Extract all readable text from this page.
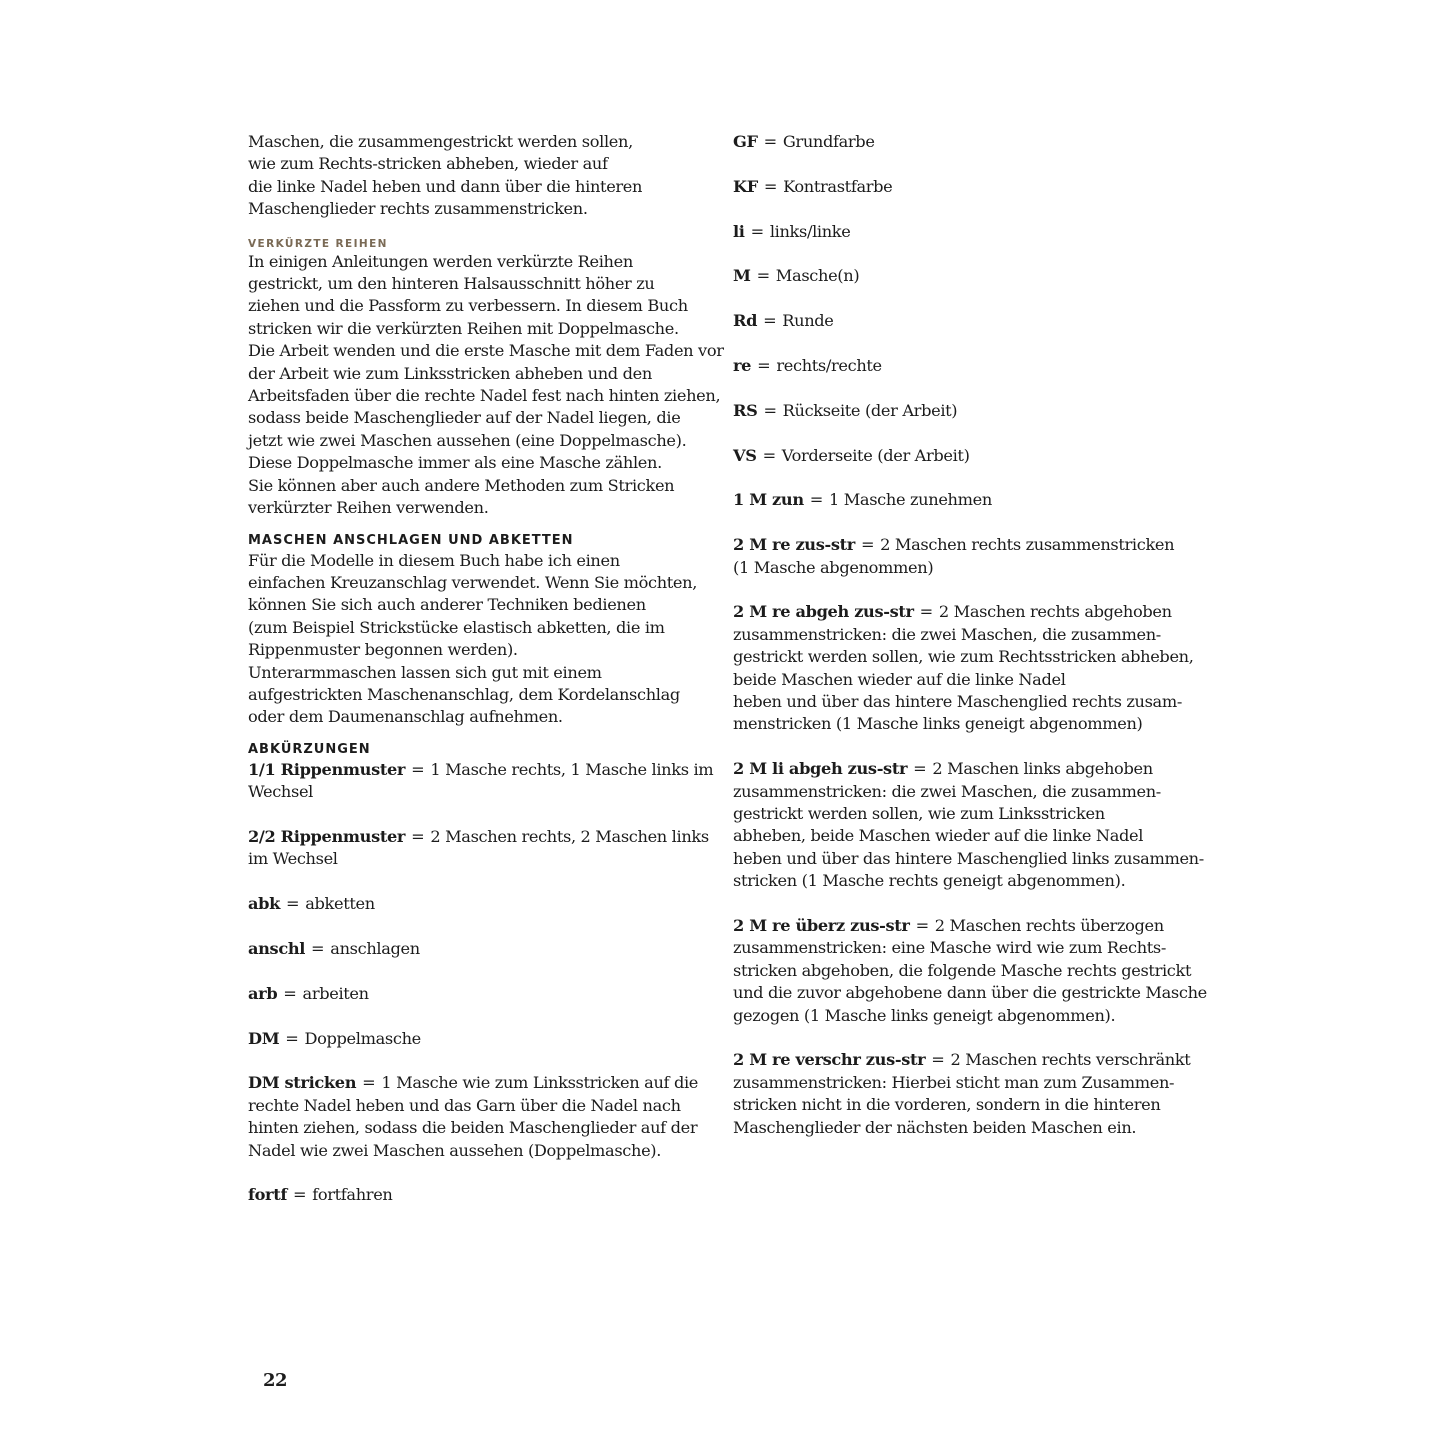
Maschen, die zusammengestrickt werden sollen,
wie zum Rechts-stricken abheben, wieder auf
die linke Nadel heben und dann über die hinteren
Maschenglieder rechts zusammenstricken.
VERKÜRZTE REIHEN
In einigen Anleitungen werden verkürzte Reihen
gestrickt, um den hinteren Halsausschnitt höher zu
ziehen und die Passform zu verbessern. In diesem Buch
stricken wir die verkürzten Reihen mit Doppelmasche.
Die Arbeit wenden und die erste Masche mit dem Faden vor
der Arbeit wie zum Linksstricken abheben und den
Arbeitsfaden über die rechte Nadel fest nach hinten ziehen,
sodass beide Maschenglieder auf der Nadel liegen, die
jetzt wie zwei Maschen aussehen (eine Doppelmasche).
Diese Doppelmasche immer als eine Masche zählen.
Sie können aber auch andere Methoden zum Stricken
verkürzter Reihen verwenden.
MASCHEN ANSCHLAGEN UND ABKETTEN
Für die Modelle in diesem Buch habe ich einen
einfachen Kreuzanschlag verwendet. Wenn Sie möchten,
können Sie sich auch anderer Techniken bedienen
(zum Beispiel Strickstücke elastisch abketten, die im
Rippenmuster begonnen werden).
Unterarmmaschen lassen sich gut mit einem
aufgestrickten Maschenanschlag, dem Kordelanschlag
oder dem Daumenanschlag aufnehmen.
ABKÜRZUNGEN
1/1 Rippenmuster = 1 Masche rechts, 1 Masche links im
Wechsel
2/2 Rippenmuster = 2 Maschen rechts, 2 Maschen links
im Wechsel
abk = abketten
anschl = anschlagen
arb = arbeiten
DM = Doppelmasche
DM stricken = 1 Masche wie zum Linksstricken auf die
rechte Nadel heben und das Garn über die Nadel nach
hinten ziehen, sodass die beiden Maschenglieder auf der
Nadel wie zwei Maschen aussehen (Doppelmasche).
fortf = fortfahren
GF = Grundfarbe
KF = Kontrastfarbe
li = links/linke
M = Masche(n)
Rd = Runde
re = rechts/rechte
RS = Rückseite (der Arbeit)
VS = Vorderseite (der Arbeit)
1 M zun = 1 Masche zunehmen
2 M re zus-str = 2 Maschen rechts zusammenstricken
(1 Masche abgenommen)
2 M re abgeh zus-str = 2 Maschen rechts abgehoben
zusammenstricken: die zwei Maschen, die zusammen-
gestrickt werden sollen, wie zum Rechtsstricken abheben,
beide Maschen wieder auf die linke Nadel
heben und über das hintere Maschenglied rechts zusam-
menstricken (1 Masche links geneigt abgenommen)
2 M li abgeh zus-str = 2 Maschen links abgehoben
zusammenstricken: die zwei Maschen, die zusammen-
gestrickt werden sollen, wie zum Linksstricken
abheben, beide Maschen wieder auf die linke Nadel
heben und über das hintere Maschenglied links zusammen-
stricken (1 Masche rechts geneigt abgenommen).
2 M re überz zus-str = 2 Maschen rechts überzogen
zusammenstricken: eine Masche wird wie zum Rechts-
stricken abgehoben, die folgende Masche rechts gestrickt
und die zuvor abgehobene dann über die gestrickte Masche
gezogen (1 Masche links geneigt abgenommen).
2 M re verschr zus-str = 2 Maschen rechts verschränkt
zusammenstricken: Hierbei sticht man zum Zusammen-
stricken nicht in die vorderen, sondern in die hinteren
Maschenglieder der nächsten beiden Maschen ein.
22
